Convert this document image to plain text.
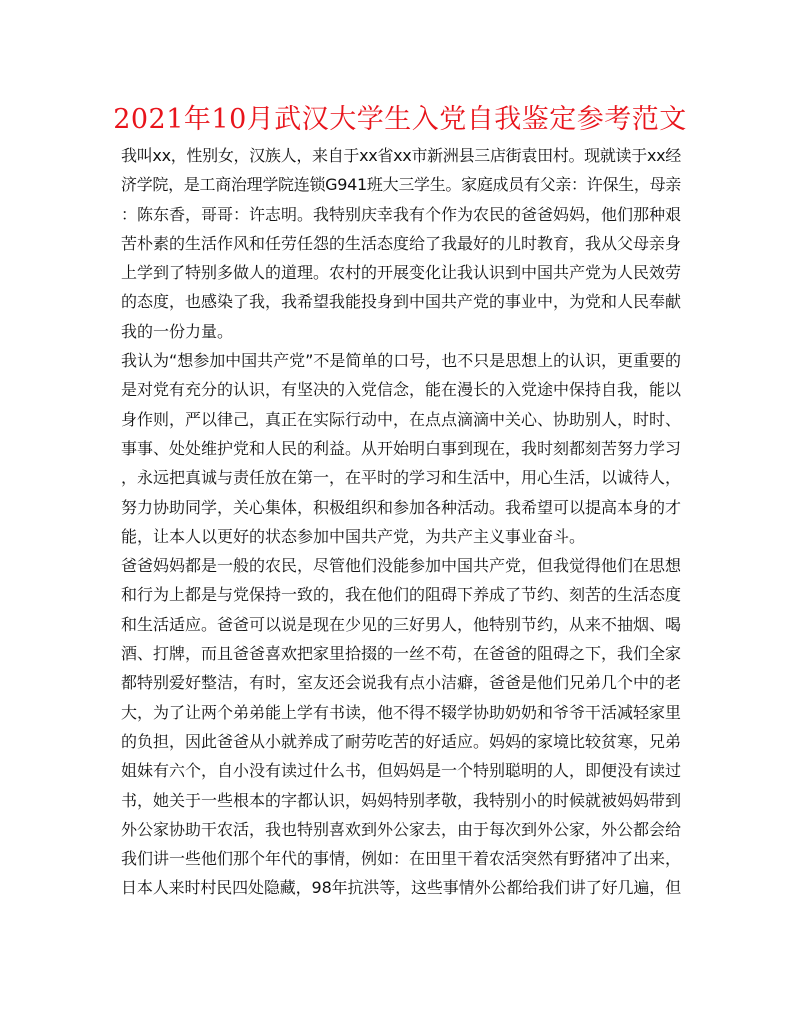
2021年10月武汉大学生入党自我鉴定参考范文
我叫xx，性别女，汉族人，来自于xx省xx市新洲县三店街袁田村。现就读于xx经
济学院，是工商治理学院连锁G941班大三学生。家庭成员有父亲：许保生，母亲
：陈东香，哥哥：许志明。我特别庆幸我有个作为农民的爸爸妈妈，他们那种艰
苦朴素的生活作风和任劳任怨的生活态度给了我最好的儿时教育，我从父母亲身
上学到了特别多做人的道理。农村的开展变化让我认识到中国共产党为人民效劳
的态度，也感染了我，我希望我能投身到中国共产党的事业中，为党和人民奉献
我的一份力量。
我认为“想参加中国共产党”不是简单的口号，也不只是思想上的认识，更重要的
是对党有充分的认识，有坚决的入党信念，能在漫长的入党途中保持自我，能以
身作则，严以律己，真正在实际行动中，在点点滴滴中关心、协助别人，时时、
事事、处处维护党和人民的利益。从开始明白事到现在，我时刻都刻苦努力学习
，永远把真诚与责任放在第一，在平时的学习和生活中，用心生活，以诚待人，
努力协助同学，关心集体，积极组织和参加各种活动。我希望可以提高本身的才
能，让本人以更好的状态参加中国共产党，为共产主义事业奋斗。
爸爸妈妈都是一般的农民，尽管他们没能参加中国共产党，但我觉得他们在思想
和行为上都是与党保持一致的，我在他们的阻碍下养成了节约、刻苦的生活态度
和生活适应。爸爸可以说是现在少见的三好男人，他特别节约，从来不抽烟、喝
酒、打牌，而且爸爸喜欢把家里拾掇的一丝不苟，在爸爸的阻碍之下，我们全家
都特别爱好整洁，有时，室友还会说我有点小洁癖，爸爸是他们兄弟几个中的老
大，为了让两个弟弟能上学有书读，他不得不辍学协助奶奶和爷爷干活减轻家里
的负担，因此爸爸从小就养成了耐劳吃苦的好适应。妈妈的家境比较贫寒，兄弟
姐妹有六个，自小没有读过什么书，但妈妈是一个特别聪明的人，即便没有读过
书，她关于一些根本的字都认识，妈妈特别孝敬，我特别小的时候就被妈妈带到
外公家协助干农活，我也特别喜欢到外公家去，由于每次到外公家，外公都会给
我们讲一些他们那个年代的事情，例如：在田里干着农活突然有野猪冲了出来，
日本人来时村民四处隐藏，98年抗洪等，这些事情外公都给我们讲了好几遍，但
